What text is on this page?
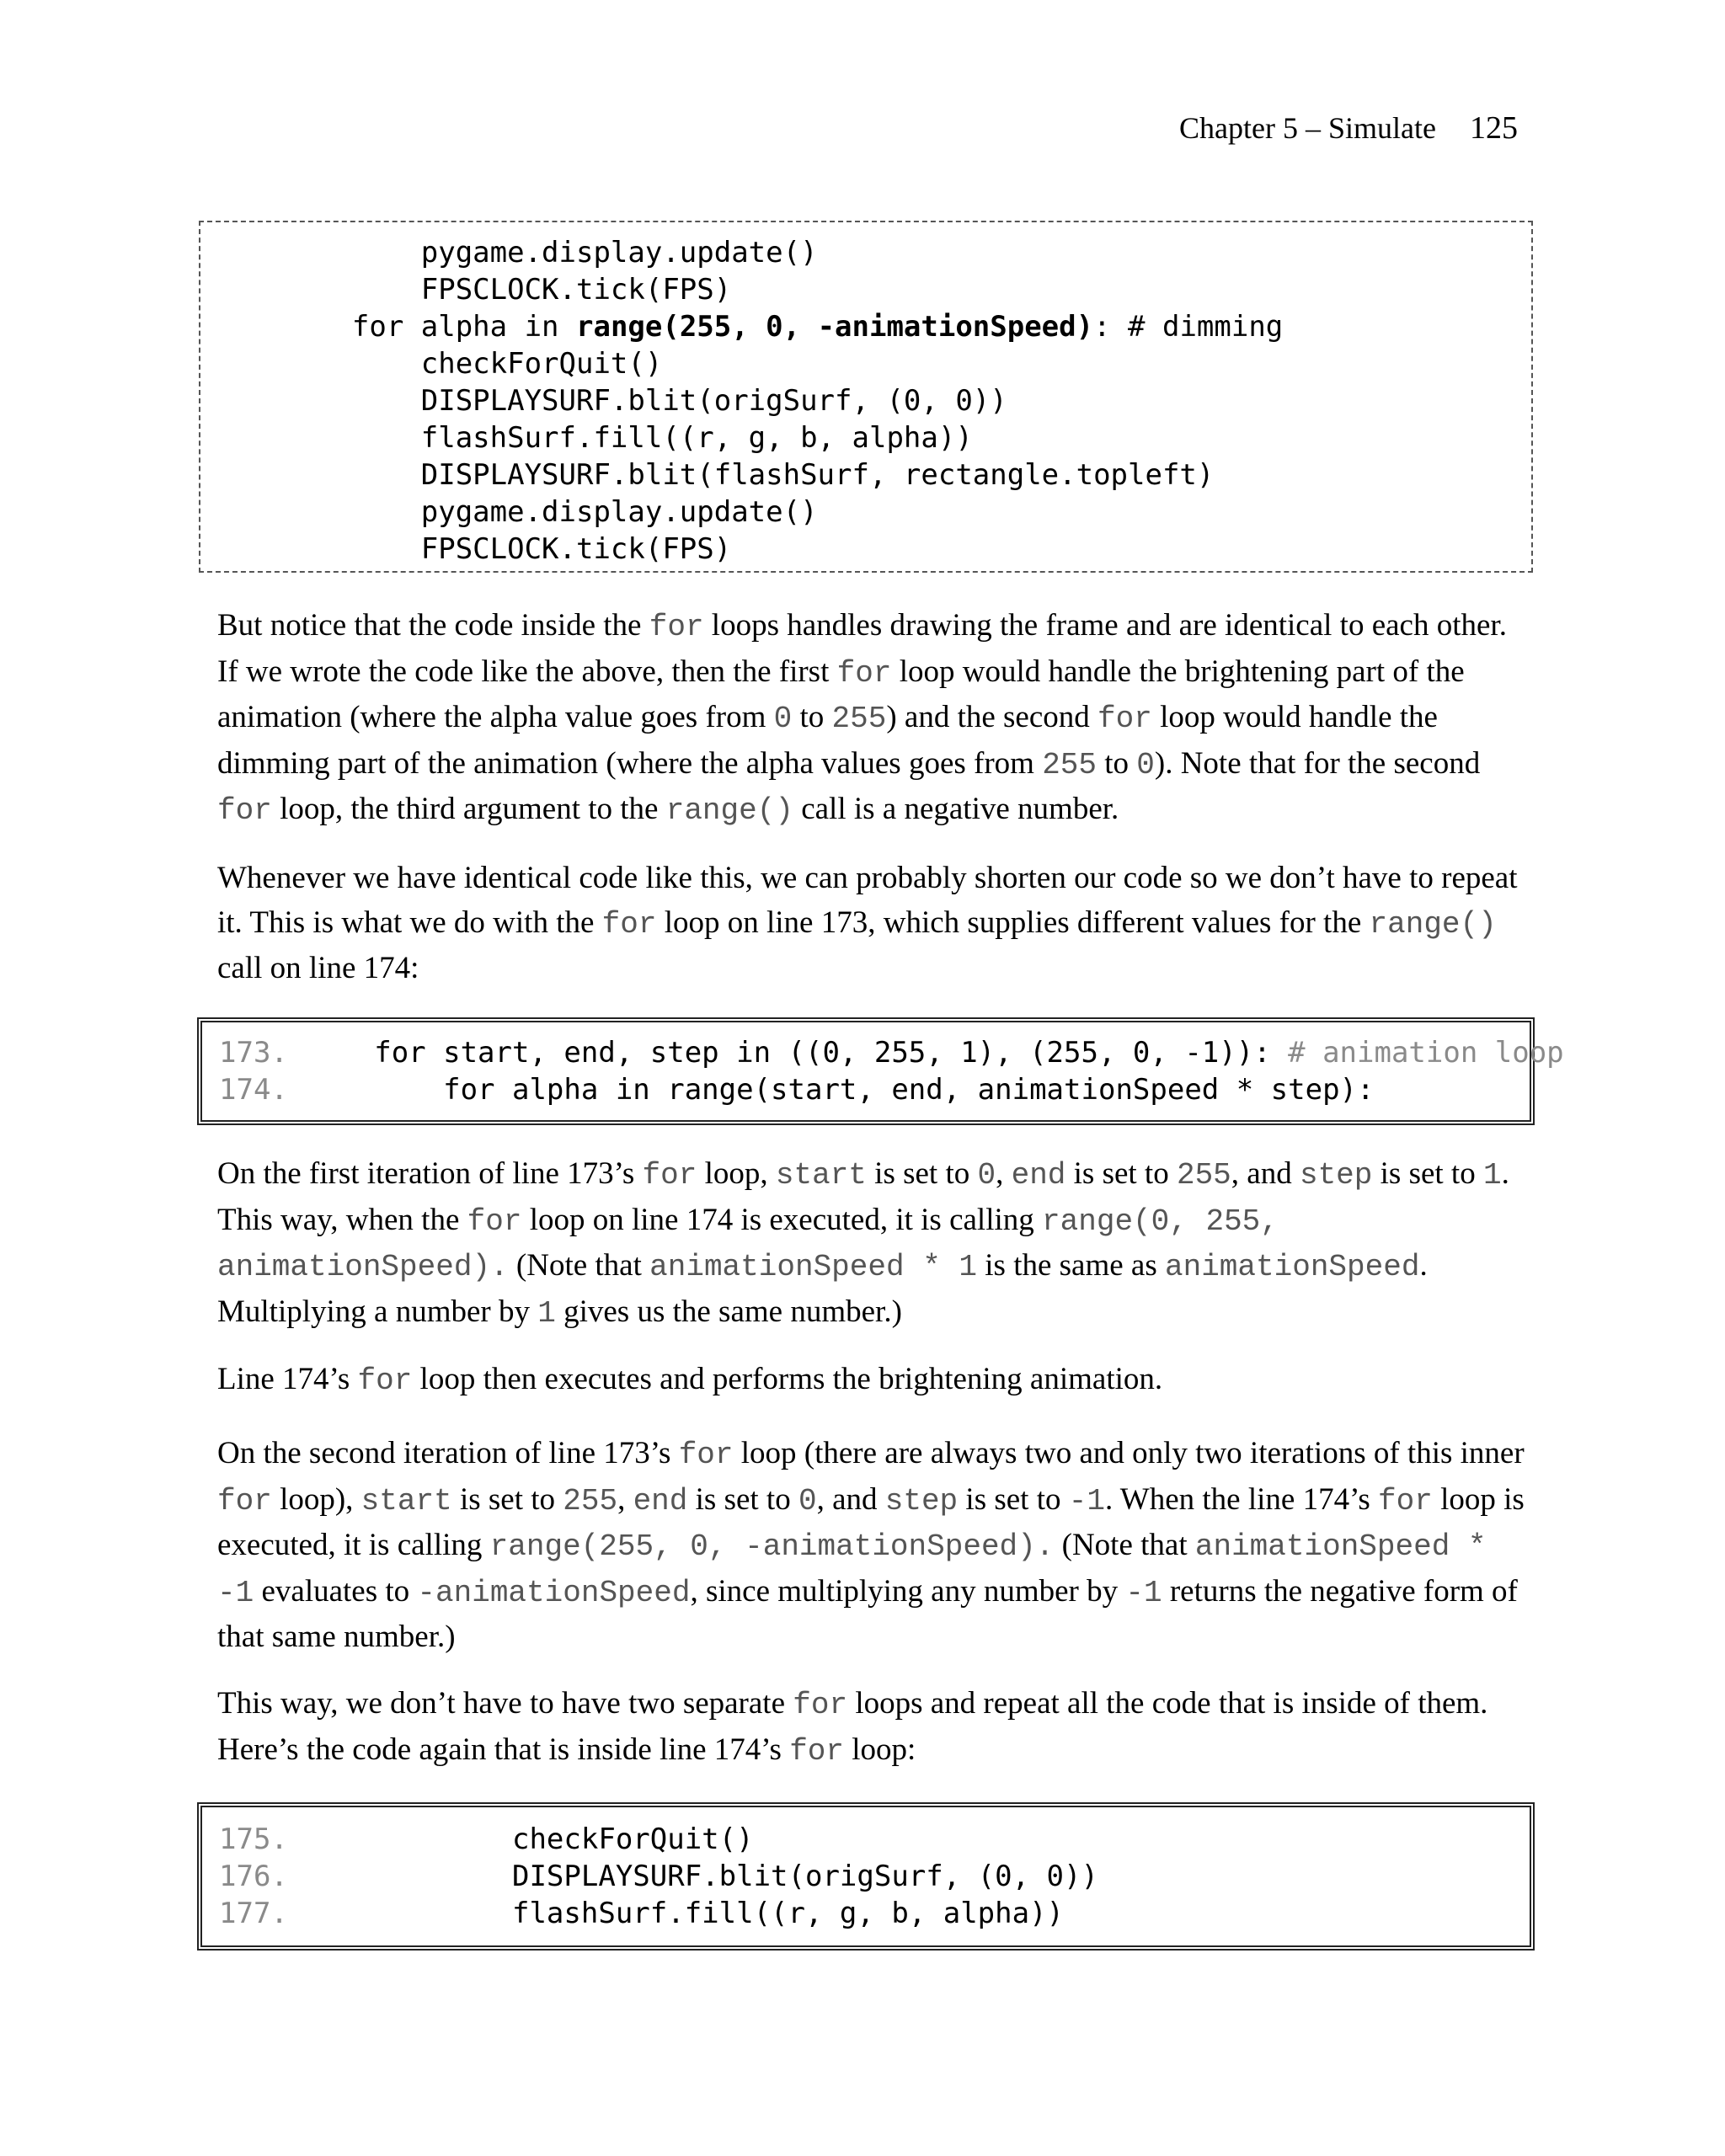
Chapter 5 – Simulate 125
pygame.display.update()
FPSCLOCK.tick(FPS)
for alpha in range(255, 0, -animationSpeed): # dimming
checkForQuit()
DISPLAYSURF.blit(origSurf, (0, 0))
flashSurf.fill((r, g, b, alpha))
DISPLAYSURF.blit(flashSurf, rectangle.topleft)
pygame.display.update()
FPSCLOCK.tick(FPS)

But notice that the code inside the for loops handles drawing the frame and are identical to each other. If we wrote the code like the above, then the first for loop would handle the brightening part of the animation (where the alpha value goes from 0 to 255) and the second for loop would handle the dimming part of the animation (where the alpha values goes from 255 to 0). Note that for the second for loop, the third argument to the range() call is a negative number.

Whenever we have identical code like this, we can probably shorten our code so we don’t have to repeat it. This is what we do with the for loop on line 173, which supplies different values for the range() call on line 174:

173.     for start, end, step in ((0, 255, 1), (255, 0, -1)): # animation loop
174.         for alpha in range(start, end, animationSpeed * step):

On the first iteration of line 173’s for loop, start is set to 0, end is set to 255, and step is set to 1. This way, when the for loop on line 174 is executed, it is calling range(0, 255, animationSpeed). (Note that animationSpeed * 1 is the same as animationSpeed. Multiplying a number by 1 gives us the same number.)

Line 174’s for loop then executes and performs the brightening animation.

On the second iteration of line 173’s for loop (there are always two and only two iterations of this inner for loop), start is set to 255, end is set to 0, and step is set to -1. When the line 174’s for loop is executed, it is calling range(255, 0, -animationSpeed). (Note that animationSpeed * -1 evaluates to -animationSpeed, since multiplying any number by -1 returns the negative form of that same number.)

This way, we don’t have to have two separate for loops and repeat all the code that is inside of them. Here’s the code again that is inside line 174’s for loop:

175.             checkForQuit()
176.             DISPLAYSURF.blit(origSurf, (0, 0))
177.             flashSurf.fill((r, g, b, alpha))
